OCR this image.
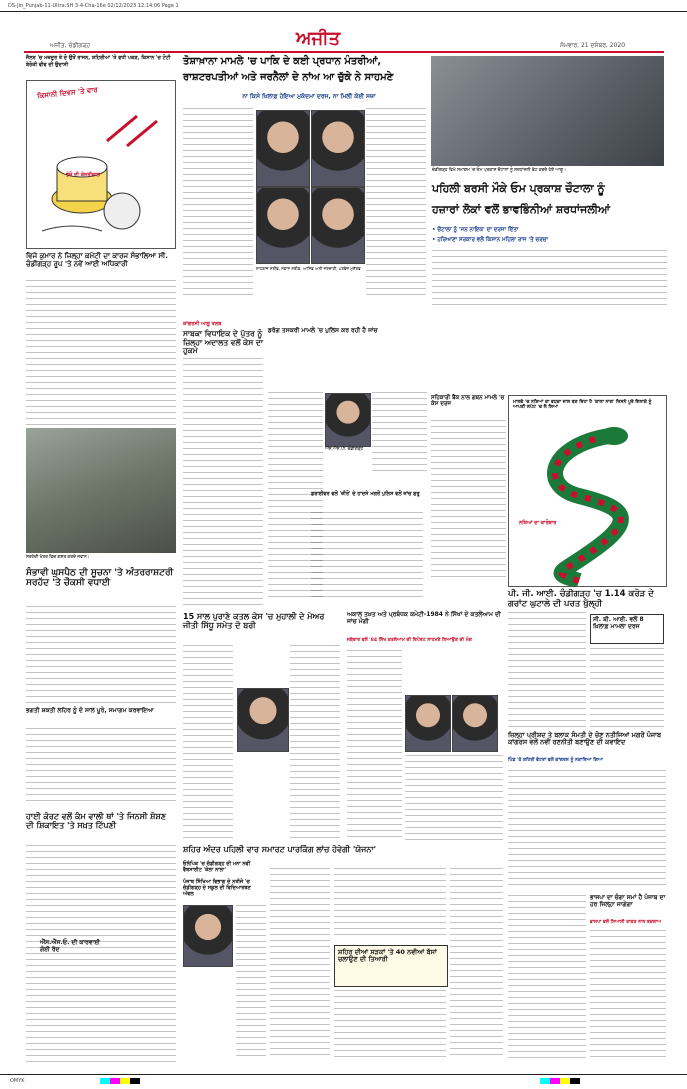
DS-Jin_Punjab-11-Ultra:SH 3-4-Cha-16e 02/12/2023 12:14:06 Page 1
ਅਜੀਤ, ਚੰਡੀਗੜ੍ਹ	ਅਜੀਤ	ਸੋਮਵਾਰ, 21 ਦਸੰਬਰ, 2020
ਜੈਲਰ 'ਚ ਮਜ਼ਦੂਰ ਤੇ ਦੋ ਉਤੋਂ ਰਾਜਨ, ਸ਼ਹਿਰੀਆਂ 'ਤੇ ਵਧੀ ਪਕੜ, ਕਿਸਾਨ 'ਚ ਟੋਟੀ ਬੇਰੋਕੀ ਵੀਵ ਦੀ ਉਦਾਸੀ
ਕਿਸਾਨੀ ਦਿਵਸ 'ਤੇ ਵਾਰ
ਭੇਜੋ ਦੀ ਕੇਜਰੀਵਾਲ
ਤੋਸ਼ਾਖ਼ਾਨਾ ਮਾਮਲੇ 'ਚ ਪਾਕਿ ਦੇ ਕਈ ਪ੍ਰਧਾਨ ਮੰਤਰੀਆਂ,
ਰਾਸ਼ਟਰਪਤੀਆਂ ਅਤੇ ਜਰਨੈਲਾਂ ਦੇ ਨਾਂਅ ਆ ਚੁੱਕੇ ਨੇ ਸਾਹਮਣੇ
ਨਾ ਕਿਸੇ ਖ਼ਿਲਾਫ਼ ਹੋਇਆ ਮੁਕੱਦਮਾ ਦਰਜ, ਨਾ ਮਿਲੀ ਕੋਈ ਸਜ਼ਾ
ਸ਼ਾਹਬਾਜ਼ ਸ਼ਰੀਫ਼, ਨਵਾਜ਼ ਸ਼ਰੀਫ਼, ਆਸਿਫ਼ ਅਲੀ ਜ਼ਰਦਾਰੀ, ਪਰਵੇਜ਼ ਮੁਸ਼ੱਰਫ਼
ਚੰਡੀਗੜ੍ਹ ਵਿਖੇ ਸਮਾਗਮ 'ਚ ਓਮ ਪ੍ਰਕਾਸ਼ ਚੌਟਾਲਾ ਨੂੰ ਸ਼ਰਧਾਂਜਲੀ ਭੇਟ ਕਰਦੇ ਹੋਏ ਆਗੂ।
ਪਹਿਲੀ ਬਰਸੀ ਮੌਕੇ ਓਮ ਪ੍ਰਕਾਸ਼ ਚੌਟਾਲਾ ਨੂੰ
ਹਜ਼ਾਰਾਂ ਲੋਕਾਂ ਵਲੋਂ ਭਾਵਭਿੰਨੀਆਂ ਸ਼ਰਧਾਂਜਲੀਆਂ
• ਚੌਟਾਲਾ ਨੂੰ 'ਜਨ ਨਾਇਕ' ਦਾ ਦਰਜਾ ਦਿੱਤਾ
• ਹਰਿਆਣਾ ਸਰਕਾਰ ਵਲੋਂ ਕਿਸਾਨ ਮਹਿਲਾ ਰਾਜ 'ਤੇ ਚਰਚਾ
ਵਿਜੇ ਕੁਮਾਰ ਨੇ ਜਿਲ੍ਹਾ ਕਮੇਟੀ ਦਾ ਕਾਰਜ ਸੰਭਾਲਿਆ ਸੀ. ਚੰਡੀਗੜ੍ਹ ਰੂਪ 'ਤੇ ਨਵੇਂ ਆਈ ਅਧਿਕਾਰੀ
ਸਰਹੱਦੀ ਖੇਤਰ ਵਿਚ ਗਸ਼ਤ ਕਰਦੇ ਜਵਾਨ।
ਸੰਭਾਵੀ ਘੁਸਪੈਠ ਦੀ ਸੂਚਨਾ 'ਤੇ ਅੰਤਰਰਾਸ਼ਟਰੀ ਸਰਹੱਦ 'ਤੇ ਚੌਕਸੀ ਵਧਾਈ
ਭਗਤੀ ਸ਼ਕਤੀ ਲਹਿਰ ਨੂੰ ਦੋ ਸਾਲ ਪੂਰੇ, ਸਮਾਗਮ ਕਰਵਾਇਆ
ਹਾਈ ਕੋਰਟ ਵਲੋਂ ਕੰਮ ਵਾਲੀ ਥਾਂ 'ਤੇ ਜਿਨਸੀ ਸ਼ੋਸ਼ਣ ਦੀ ਸ਼ਿਕਾਇਤ 'ਤੇ ਸਖ਼ਤ ਟਿੱਪਣੀ
ਕਾਂਗਰਸੀ ਆਗੂ ਤਲਬ
ਸਾਬਕਾ ਵਿਧਾਇਕ ਦੇ ਪੁੱਤਰ ਨੂੰ ਜ਼ਿਲ੍ਹਾ ਅਦਾਲਤ ਵਲੋਂ ਕੇਸ ਦਾ ਹੁਕਮ
ਡਰੱਗ ਤਸਕਰੀ ਮਾਮਲੇ 'ਚ ਪੁਲਿਸ ਕਰ ਰਹੀ ਹੈ ਜਾਂਚ
ਐੱਸ.ਐੱਸ.ਪੀ. ਚੰਡੀਗੜ੍ਹ
ਡਰਾਈਵਰ ਵਲੋਂ 'ਜ਼ੀਰੋ' ਦੇ ਹਾਦਸੇ ਮਗਰੋਂ ਪੁਲਿਸ ਵਲੋਂ ਜਾਂਚ ਸ਼ੁਰੂ
ਸਹਿਕਾਰੀ ਬੈਂਕ ਨਾਲ ਗਬਨ ਮਾਮਲੇ 'ਚ ਕੇਸ ਦਰਜ	ਮਾਲਵੇ 'ਚ ਨਸ਼ਿਆਂ ਦਾ ਵਧਦਾ ਜਾਲ ਬਣ ਰਿਹਾ ਹੈ 'ਕਾਲਾ ਨਾਗ' ਜਿਸਨੇ ਪੂਰੇ ਇਲਾਕੇ ਨੂੰ ਆਪਣੀ ਲਪੇਟ 'ਚ ਲੈ ਲਿਆ
ਨਸ਼ਿਆਂ ਦਾ ਕਾਰੋਬਾਰ
ਪੀ. ਜੀ. ਆਈ. ਚੰਡੀਗੜ੍ਹ 'ਚ 1.14 ਕਰੋੜ ਦੇ ਗਰਾਂਟ ਘੁਟਾਲੇ ਦੀ ਪਰਤ ਖੁੱਲ੍ਹੀ
ਸੀ. ਬੀ. ਆਈ. ਵਲੋਂ 8 ਖ਼ਿਲਾਫ਼ ਮਾਮਲਾ ਦਰਜ
ਜ਼ਿਲ੍ਹਾ ਪ੍ਰੀਸ਼ਦ ਤੇ ਬਲਾਕ ਸੰਮਤੀ ਦੇ ਚੋਣ ਨਤੀਜਿਆਂ ਮਗਰੋਂ ਪੰਜਾਬ ਕਾਂਗਰਸ ਵਲੋਂ ਨਵੀਂ ਰਣਨੀਤੀ ਬਣਾਉਣ ਦੀ ਕਵਾਇਦ
ਪਿੰਡ 'ਤੇ ਸ਼ਹਿਰੀ ਵੋਟਰਾਂ ਵਲੋਂ ਕਾਂਗਰਸ ਨੂੰ ਨਕਾਰਿਆ ਗਿਆ
ਭਾਜਪਾ ਦਾ ਚੰਗਾ ਸਮਾਂ ਹੈ ਪੰਜਾਬ ਦਾ ਹਰ ਜਿਲ੍ਹਾ ਜਾਗੇਗਾ
ਭਾਜਪਾ ਵਲੋਂ ਸਿਆਸੀ ਤਾਕਤ ਨਾਲ ਬਦਲਾਅ
15 ਸਾਲ ਪੁਰਾਣੇ ਕਤਲ ਕੇਸ 'ਚ ਮੁਹਾਲੀ ਦੇ ਮੇਅਰ ਜੀਤੀ ਸਿੱਧੂ ਸਮੇਤ ਦੋ ਬਰੀ
ਅਕਾਲ ਤਖ਼ਤ ਅਤੇ ਪ੍ਰਬੰਧਕ ਕਮੇਟੀ-1984 ਨੇ ਸਿੱਖਾਂ ਦੇ ਕਤਲੇਆਮ ਦੀ ਜਾਂਚ ਮੰਗੀ
ਜਥੇਦਾਰ ਵਲੋਂ '84 ਸਿੱਖ ਕਤਲੇਆਮ ਦੀ ਰਿਪੋਰਟ ਸਾਹਮਣੇ ਲਿਆਉਣ ਦੀ ਮੰਗ
ਸ਼ਹਿਰ ਅੰਦਰ ਪਹਿਲੀ ਵਾਰ ਸਮਾਰਟ ਪਾਰਕਿੰਗ ਲਾਂਚ ਹੋਵੇਗੀ 'ਯੋਜਨਾ'
ਓਲੰਪਿਕ 'ਚ ਚੰਡੀਗੜ੍ਹ ਦੀ ਮਨਾ ਨਵੀਂ ਵੈਬਸਾਈਟ 'ਕੇਲਾ ਨਾਲਾ'
ਪੰਜਾਬ ਸਿੱਖਿਆ ਵਿਭਾਗ ਦੇ ਨਤੀਜੇ 'ਚ ਚੰਡੀਗੜ੍ਹ ਦੇ ਸਕੂਲ ਦੀ ਵਿਦਿਆਰਥਣ ਅੱਵਲ
ਸ਼ਹਿਰ ਦੀਆਂ ਸੜਕਾਂ 'ਤੇ 40 ਨਵੀਆਂ ਬੱਸਾਂ ਚਲਾਉਣ ਦੀ ਤਿਆਰੀ
ਐੱਸ.ਐੱਸ.ਓ. ਦੀ ਕਾਰਵਾਈ ਗੋਈ ਰੱਦ
OMYK
